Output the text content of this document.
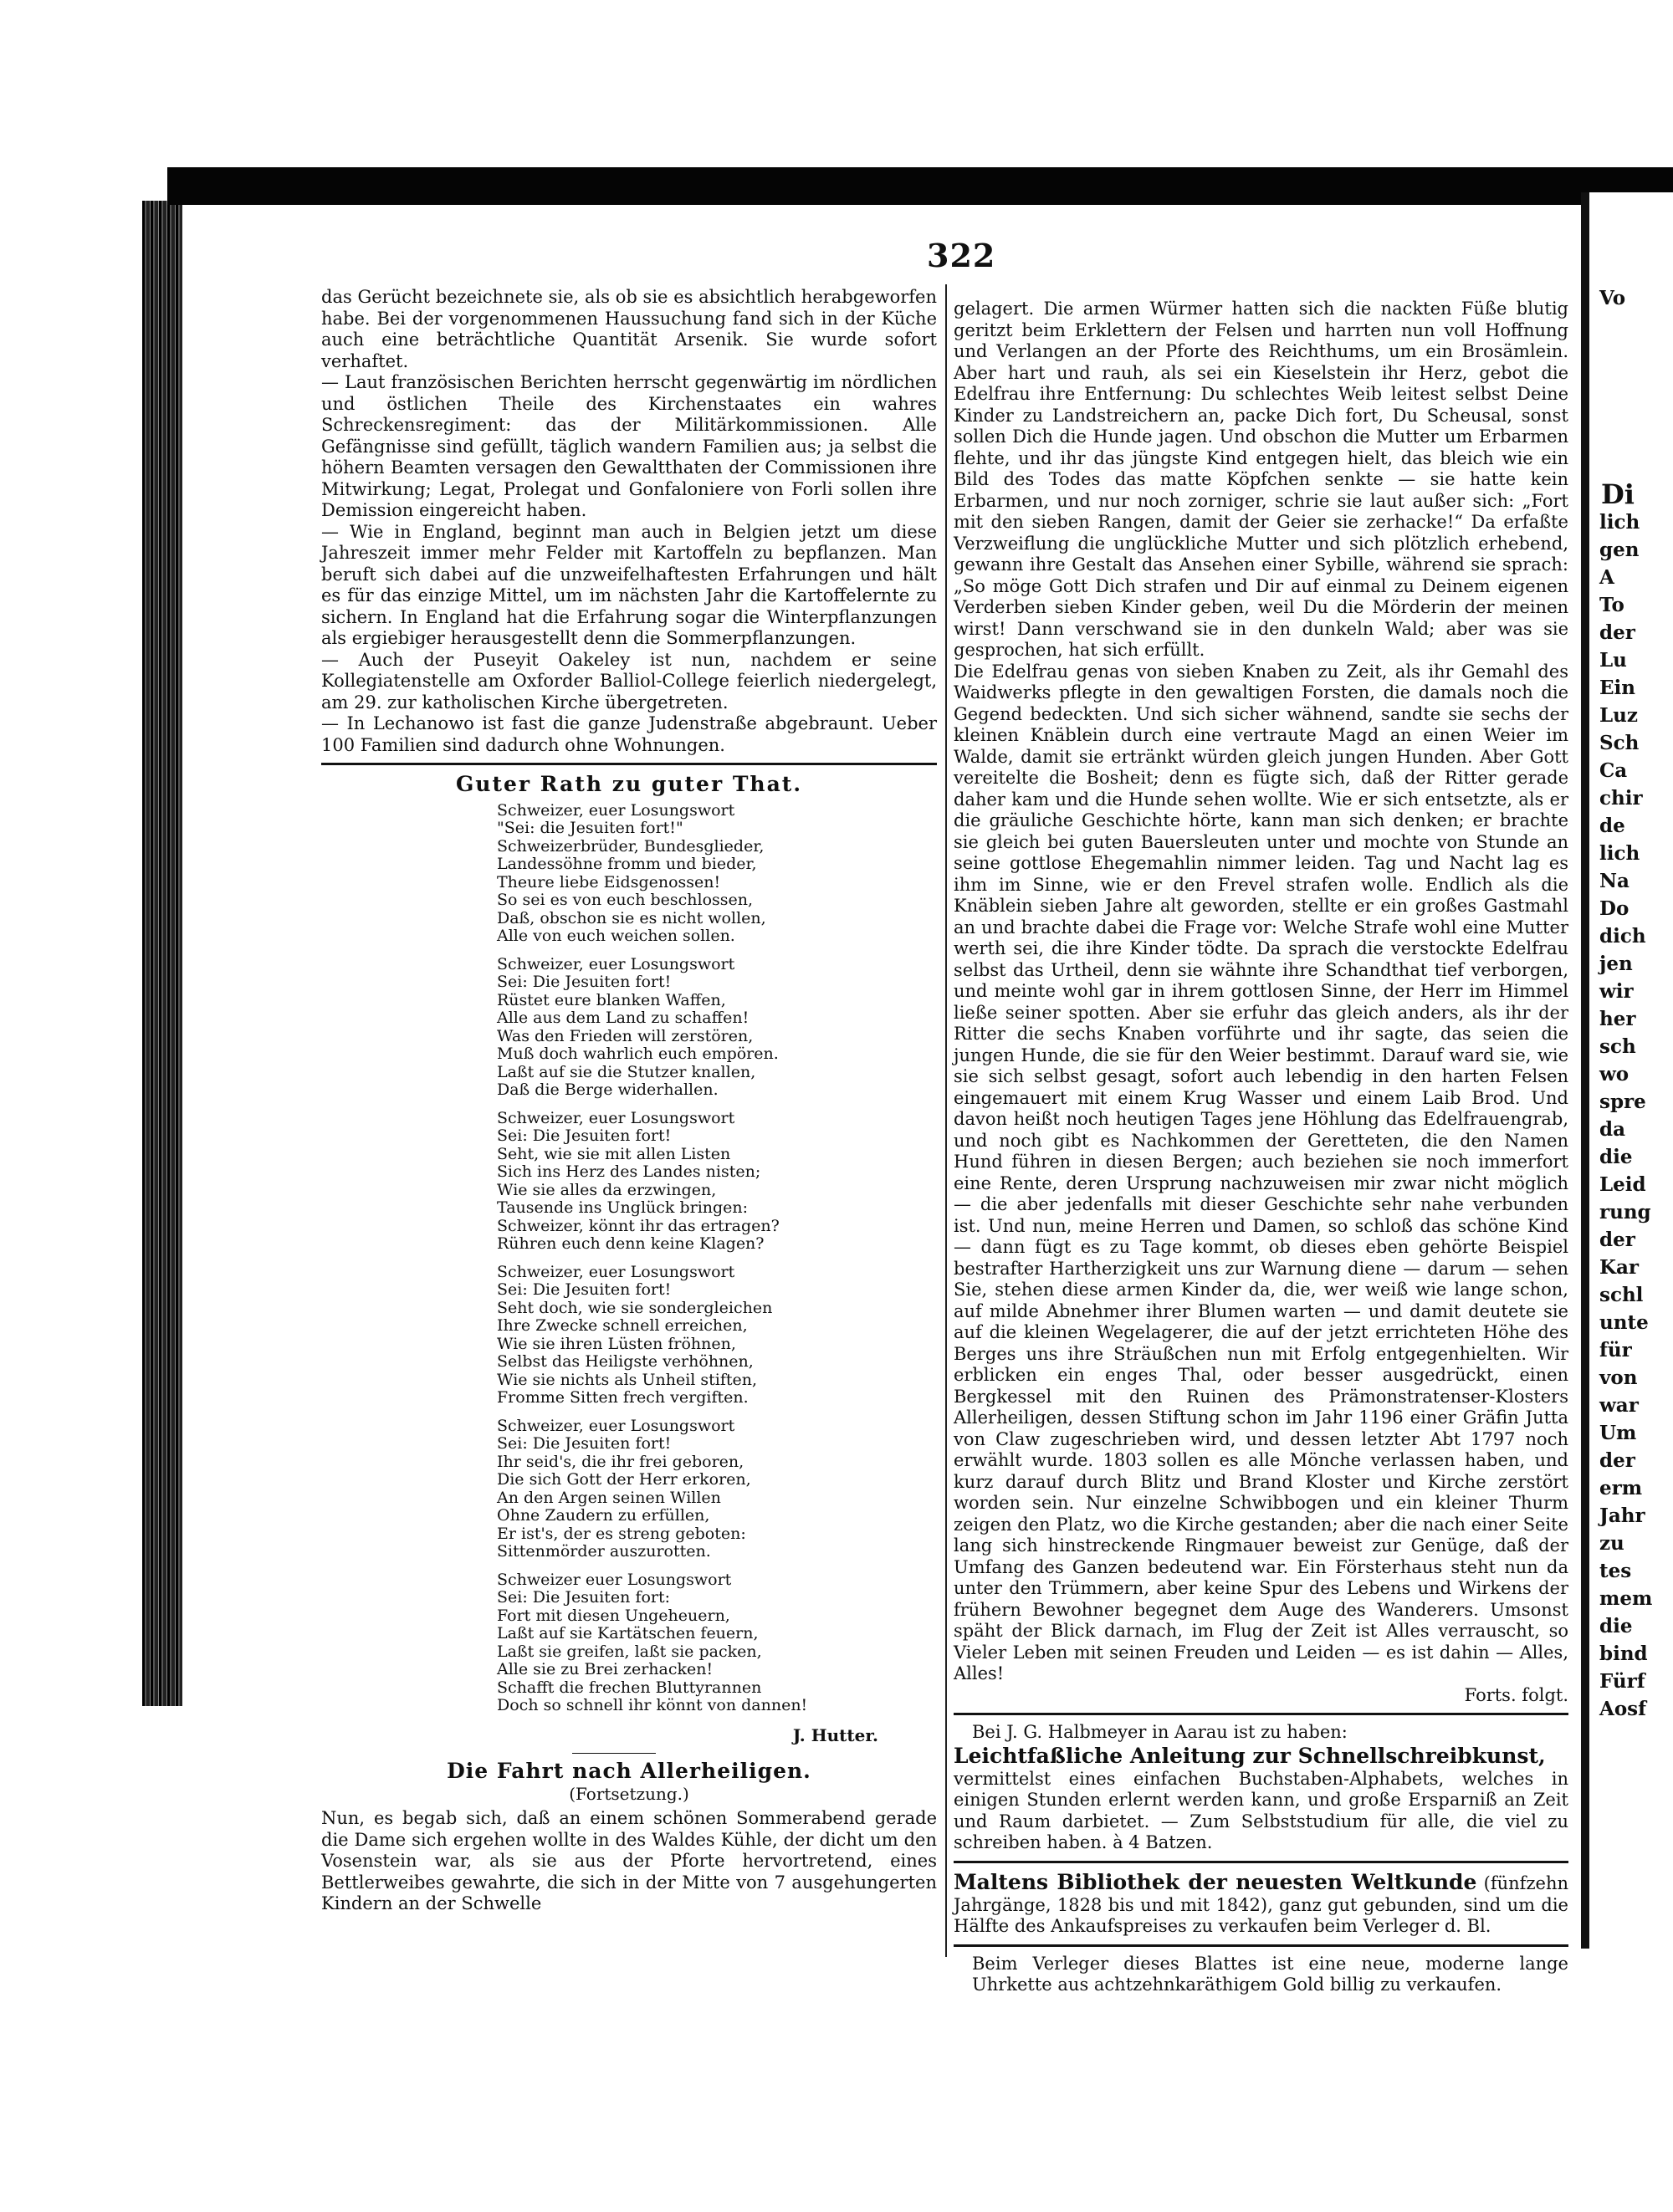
322

das Gerücht bezeichnete sie, als ob sie es absichtlich herabgeworfen habe. Bei der vorgenommenen Haussuchung fand sich in der Küche auch eine beträchtliche Quantität Arsenik. Sie wurde sofort verhaftet.

— Laut französischen Berichten herrscht gegenwärtig im nördlichen und östlichen Theile des Kirchenstaates ein wahres Schreckensregiment: das der Militärkommissionen. Alle Gefängnisse sind gefüllt, täglich wandern Familien aus; ja selbst die höhern Beamten versagen den Gewaltthaten der Commissionen ihre Mitwirkung; Legat, Prolegat und Gonfaloniere von Forli sollen ihre Demission eingereicht haben.

— Wie in England, beginnt man auch in Belgien jetzt um diese Jahreszeit immer mehr Felder mit Kartoffeln zu bepflanzen. Man beruft sich dabei auf die unzweifelhaftesten Erfahrungen und hält es für das einzige Mittel, um im nächsten Jahr die Kartoffelernte zu sichern. In England hat die Erfahrung sogar die Winterpflanzungen als ergiebiger herausgestellt denn die Sommerpflanzungen.

— Auch der Puseyit Oakeley ist nun, nachdem er seine Kollegiatenstelle am Oxforder Balliol-College feierlich niedergelegt, am 29. zur katholischen Kirche übergetreten.

— In Lechanowo ist fast die ganze Judenstraße abgebraunt. Ueber 100 Familien sind dadurch ohne Wohnungen.

Guter Rath zu guter That.
Schweizer, euer Losungswort
"Sei: die Jesuiten fort!"
Schweizerbrüder, Bundesglieder,
Landessöhne fromm und bieder,
Theure liebe Eidsgenossen!
So sei es von euch beschlossen,
Daß, obschon sie es nicht wollen,
Alle von euch weichen sollen.
Schweizer, euer Losungswort
Sei: Die Jesuiten fort!
Rüstet eure blanken Waffen,
Alle aus dem Land zu schaffen!
Was den Frieden will zerstören,
Muß doch wahrlich euch empören.
Laßt auf sie die Stutzer knallen,
Daß die Berge widerhallen.
Schweizer, euer Losungswort
Sei: Die Jesuiten fort!
Seht, wie sie mit allen Listen
Sich ins Herz des Landes nisten;
Wie sie alles da erzwingen,
Tausende ins Unglück bringen:
Schweizer, könnt ihr das ertragen?
Rühren euch denn keine Klagen?
Schweizer, euer Losungswort
Sei: Die Jesuiten fort!
Seht doch, wie sie sondergleichen
Ihre Zwecke schnell erreichen,
Wie sie ihren Lüsten fröhnen,
Selbst das Heiligste verhöhnen,
Wie sie nichts als Unheil stiften,
Fromme Sitten frech vergiften.
Schweizer, euer Losungswort
Sei: Die Jesuiten fort!
Ihr seid's, die ihr frei geboren,
Die sich Gott der Herr erkoren,
An den Argen seinen Willen
Ohne Zaudern zu erfüllen,
Er ist's, der es streng geboten:
Sittenmörder auszurotten.
Schweizer euer Losungswort
Sei: Die Jesuiten fort:
Fort mit diesen Ungeheuern,
Laßt auf sie Kartätschen feuern,
Laßt sie greifen, laßt sie packen,
Alle sie zu Brei zerhacken!
Schafft die frechen Bluttyrannen
Doch so schnell ihr könnt von dannen!
J. Hutter.
Die Fahrt nach Allerheiligen.
(Fortsetzung.)

Nun, es begab sich, daß an einem schönen Sommerabend gerade die Dame sich ergehen wollte in des Waldes Kühle, der dicht um den Vosenstein war, als sie aus der Pforte hervortretend, eines Bettlerweibes gewahrte, die sich in der Mitte von 7 ausgehungerten Kindern an der Schwelle

gelagert. Die armen Würmer hatten sich die nackten Füße blutig geritzt beim Erklettern der Felsen und harrten nun voll Hoffnung und Verlangen an der Pforte des Reichthums, um ein Brosämlein. Aber hart und rauh, als sei ein Kieselstein ihr Herz, gebot die Edelfrau ihre Entfernung: Du schlechtes Weib leitest selbst Deine Kinder zu Landstreichern an, packe Dich fort, Du Scheusal, sonst sollen Dich die Hunde jagen. Und obschon die Mutter um Erbarmen flehte, und ihr das jüngste Kind entgegen hielt, das bleich wie ein Bild des Todes das matte Köpfchen senkte — sie hatte kein Erbarmen, und nur noch zorniger, schrie sie laut außer sich: „Fort mit den sieben Rangen, damit der Geier sie zerhacke!“ Da erfaßte Verzweiflung die unglückliche Mutter und sich plötzlich erhebend, gewann ihre Gestalt das Ansehen einer Sybille, während sie sprach: „So möge Gott Dich strafen und Dir auf einmal zu Deinem eigenen Verderben sieben Kinder geben, weil Du die Mörderin der meinen wirst! Dann verschwand sie in den dunkeln Wald; aber was sie gesprochen, hat sich erfüllt.

Die Edelfrau genas von sieben Knaben zu Zeit, als ihr Gemahl des Waidwerks pflegte in den gewaltigen Forsten, die damals noch die Gegend bedeckten. Und sich sicher wähnend, sandte sie sechs der kleinen Knäblein durch eine vertraute Magd an einen Weier im Walde, damit sie ertränkt würden gleich jungen Hunden. Aber Gott vereitelte die Bosheit; denn es fügte sich, daß der Ritter gerade daher kam und die Hunde sehen wollte. Wie er sich entsetzte, als er die gräuliche Geschichte hörte, kann man sich denken; er brachte sie gleich bei guten Bauersleuten unter und mochte von Stunde an seine gottlose Ehegemahlin nimmer leiden. Tag und Nacht lag es ihm im Sinne, wie er den Frevel strafen wolle. Endlich als die Knäblein sieben Jahre alt geworden, stellte er ein großes Gastmahl an und brachte dabei die Frage vor: Welche Strafe wohl eine Mutter werth sei, die ihre Kinder tödte. Da sprach die verstockte Edelfrau selbst das Urtheil, denn sie wähnte ihre Schandthat tief verborgen, und meinte wohl gar in ihrem gottlosen Sinne, der Herr im Himmel ließe seiner spotten. Aber sie erfuhr das gleich anders, als ihr der Ritter die sechs Knaben vorführte und ihr sagte, das seien die jungen Hunde, die sie für den Weier bestimmt. Darauf ward sie, wie sie sich selbst gesagt, sofort auch lebendig in den harten Felsen eingemauert mit einem Krug Wasser und einem Laib Brod. Und davon heißt noch heutigen Tages jene Höhlung das Edelfrauengrab, und noch gibt es Nachkommen der Geretteten, die den Namen Hund führen in diesen Bergen; auch beziehen sie noch immerfort eine Rente, deren Ursprung nachzuweisen mir zwar nicht möglich — die aber jedenfalls mit dieser Geschichte sehr nahe verbunden ist. Und nun, meine Herren und Damen, so schloß das schöne Kind — dann fügt es zu Tage kommt, ob dieses eben gehörte Beispiel bestrafter Hartherzigkeit uns zur Warnung diene — darum — sehen Sie, stehen diese armen Kinder da, die, wer weiß wie lange schon, auf milde Abnehmer ihrer Blumen warten — und damit deutete sie auf die kleinen Wegelagerer, die auf der jetzt errichteten Höhe des Berges uns ihre Sträußchen nun mit Erfolg entgegenhielten. Wir erblicken ein enges Thal, oder besser ausgedrückt, einen Bergkessel mit den Ruinen des Prämonstratenser-Klosters Allerheiligen, dessen Stiftung schon im Jahr 1196 einer Gräfin Jutta von Claw zugeschrieben wird, und dessen letzter Abt 1797 noch erwählt wurde. 1803 sollen es alle Mönche verlassen haben, und kurz darauf durch Blitz und Brand Kloster und Kirche zerstört worden sein. Nur einzelne Schwibbogen und ein kleiner Thurm zeigen den Platz, wo die Kirche gestanden; aber die nach einer Seite lang sich hinstreckende Ringmauer beweist zur Genüge, daß der Umfang des Ganzen bedeutend war. Ein Försterhaus steht nun da unter den Trümmern, aber keine Spur des Lebens und Wirkens der frühern Bewohner begegnet dem Auge des Wanderers. Umsonst späht der Blick darnach, im Flug der Zeit ist Alles verrauscht, so Vieler Leben mit seinen Freuden und Leiden — es ist dahin — Alles, Alles!

Forts. folgt.

Bei J. G. Halbmeyer in Aarau ist zu haben:

Leichtfaßliche Anleitung zur Schnellschreibkunst,

vermittelst eines einfachen Buchstaben-Alphabets, welches in einigen Stunden erlernt werden kann, und große Ersparniß an Zeit und Raum darbietet. — Zum Selbststudium für alle, die viel zu schreiben haben. à 4 Batzen.

Maltens Bibliothek der neuesten Weltkunde (fünfzehn Jahrgänge, 1828 bis und mit 1842), ganz gut gebunden, sind um die Hälfte des Ankaufspreises zu verkaufen beim Verleger d. Bl.

Beim Verleger dieses Blattes ist eine neue, moderne lange Uhrkette aus achtzehnkaräthigem Gold billig zu verkaufen.

Di
Vo
lich
gen
A
To
der
Lu
Ein
Luz
Sch
Ca
chir
de
lich
Na
Do
dich
jen
wir
her
sch
wo
spre
da
die
Leid
rung
der
Kar
schl
unte
für
von
war
Um
der
erm
Jahr
zu
tes
mem
die
bind
Fürf
Aosf
